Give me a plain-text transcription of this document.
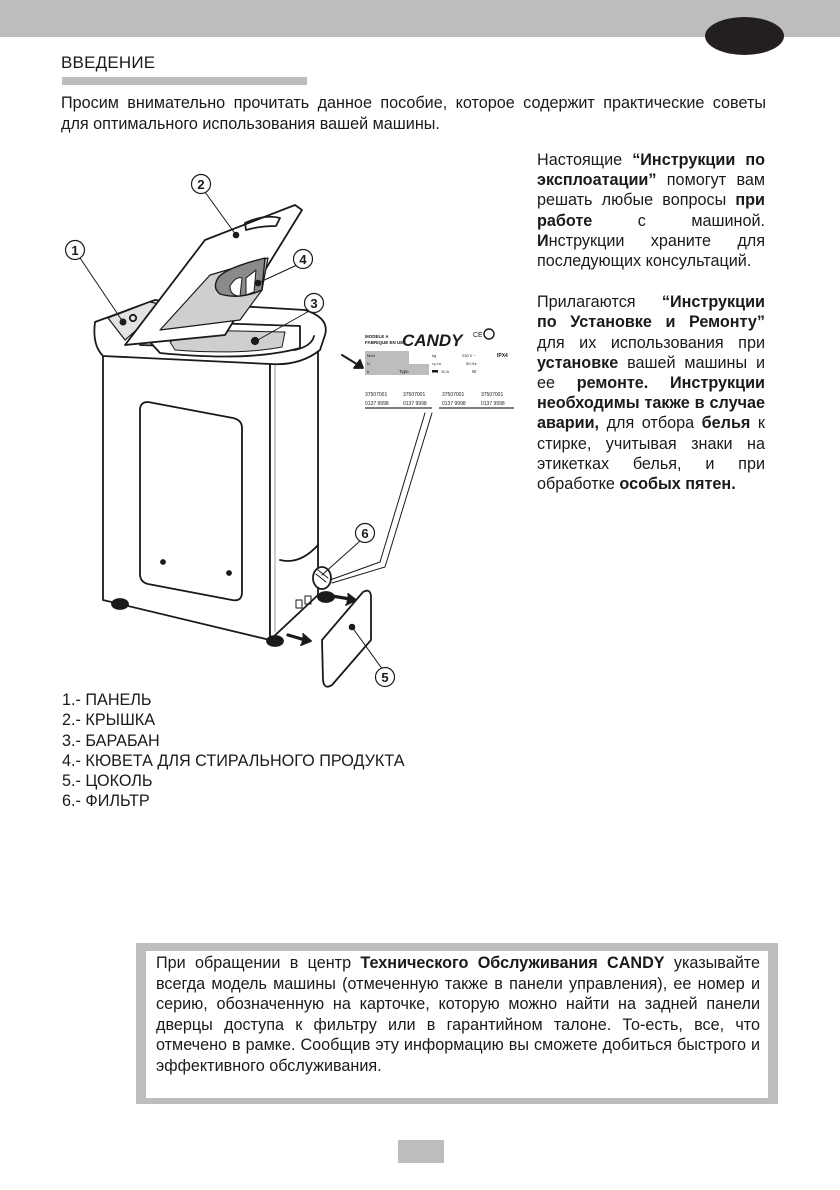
ВВЕДЕНИЕ

Просим внимательно прочитать данное пособие, которое содержит практические советы для оптимального использования вашей машины.

Настоящие “Инструкции по эксплоатации” помогут вам решать любые вопросы при работе с машиной. Инструкции храните для последующих консультаций.

Прилагаются “Инструкции по Установке и Ремонту” для их использования при установке вашей машины и ее ремонте. Инструкции необходимы также в случае аварии, для отбора белья к стирке, учитывая знаки на этикетках белья, и при обработке особых пятен.

1
2
3
4
5
6
MODELE A
FABRIQUE EN UE
CANDY CE
Mod
N
#	Type
kg	230 V ~	IPX4
r.p.m.	50 Hz
10 A	W
37507001	37507001	37507001	37507001
0137 9998	0137 9998	0137 9998	0137 9998
1.- ПАНЕЛЬ
2.- КРЫШКА
3.- БАРАБАН
4.- КЮВЕТА ДЛЯ СТИРАЛЬНОГО ПРОДУКТА
5.- ЦОКОЛЬ
6.- ФИЛЬТР

При обращении в центр Технического Обслуживания CANDY указывайте всегда модель машины (отмеченную также в панели управления), ее номер и серию, обозначенную на карточке, которую можно найти на задней панели дверцы доступа к фильтру или в гарантийном талоне. То-есть, все, что отмечено в рамке. Сообщив эту информацию вы сможете добиться быстрого и эффективного обслуживания.
